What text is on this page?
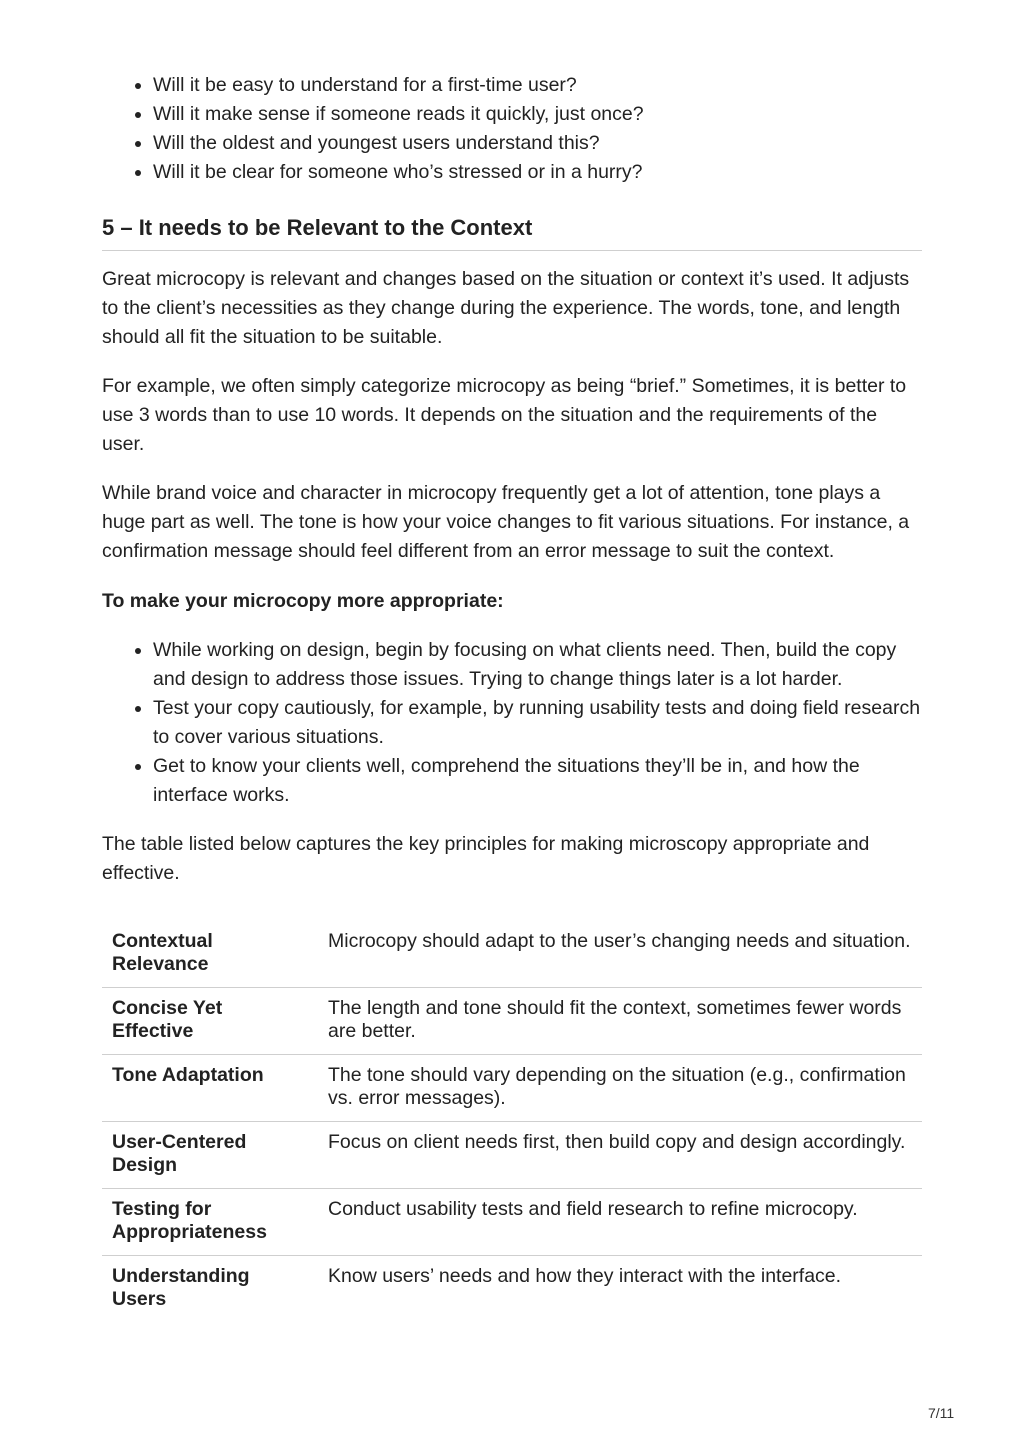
• Will it be easy to understand for a first-time user?
• Will it make sense if someone reads it quickly, just once?
• Will the oldest and youngest users understand this?
• Will it be clear for someone who’s stressed or in a hurry?
5 – It needs to be Relevant to the Context

Great microcopy is relevant and changes based on the situation or context it’s used. It adjusts to the client’s necessities as they change during the experience. The words, tone, and length should all fit the situation to be suitable.

For example, we often simply categorize microcopy as being “brief.” Sometimes, it is better to use 3 words than to use 10 words. It depends on the situation and the requirements of the user.

While brand voice and character in microcopy frequently get a lot of attention, tone plays a huge part as well. The tone is how your voice changes to fit various situations. For instance, a confirmation message should feel different from an error message to suit the context.

To make your microcopy more appropriate:

• While working on design, begin by focusing on what clients need. Then, build the copy and design to address those issues. Trying to change things later is a lot harder.
• Test your copy cautiously, for example, by running usability tests and doing field research to cover various situations.
• Get to know your clients well, comprehend the situations they’ll be in, and how the interface works.

The table listed below captures the key principles for making microscopy appropriate and effective.

Contextual Relevance	Microcopy should adapt to the user’s changing needs and situation.
Concise Yet Effective	The length and tone should fit the context, sometimes fewer words are better.
Tone Adaptation	The tone should vary depending on the situation (e.g., confirmation vs. error messages).
User-Centered Design	Focus on client needs first, then build copy and design accordingly.
Testing for Appropriateness	Conduct usability tests and field research to refine microcopy.
Understanding Users	Know users’ needs and how they interact with the interface.
7/11
